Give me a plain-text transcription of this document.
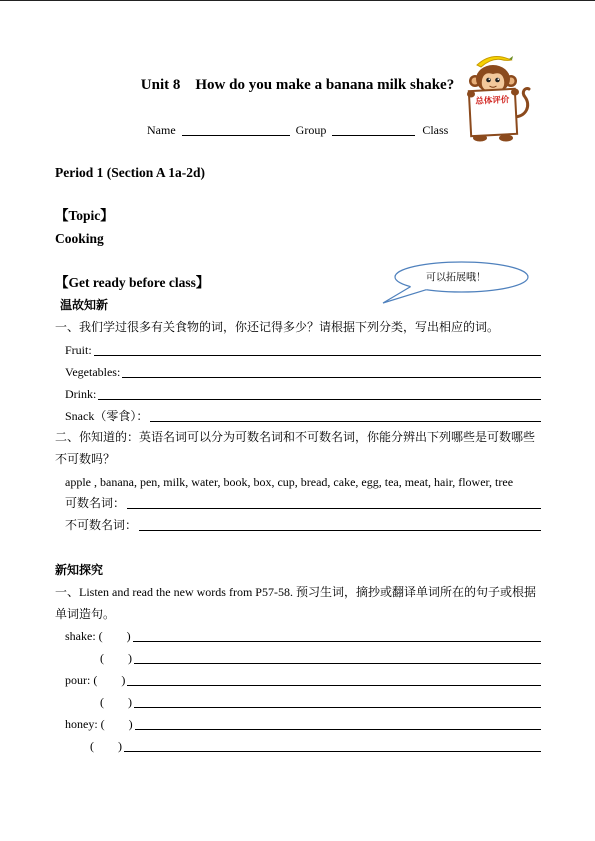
Unit 8    How do you make a banana milk shake?
总体评价
Name	Group	Class
Period 1 (Section A 1a-2d)
【Topic】
Cooking
【Get ready before class】	可以拓展哦！
温故知新
一、我们学过很多有关食物的词，你还记得多少？请根据下列分类，写出相应的词。
Fruit:
Vegetables:
Drink:
Snack（零食）：
二、你知道的：英语名词可以分为可数名词和不可数名词，你能分辨出下列哪些是可数哪些
不可数吗？
apple , banana, pen, milk, water, book, box, cup, bread, cake, egg, tea, meat, hair, flower, tree
可数名词：
不可数名词：
新知探究
一、Listen and read the new words from P57-58. 预习生词，摘抄或翻译单词所在的句子或根据
单词造句。
shake: (        )
(        )
pour: (        )
(        )
honey: (        )
(        )
